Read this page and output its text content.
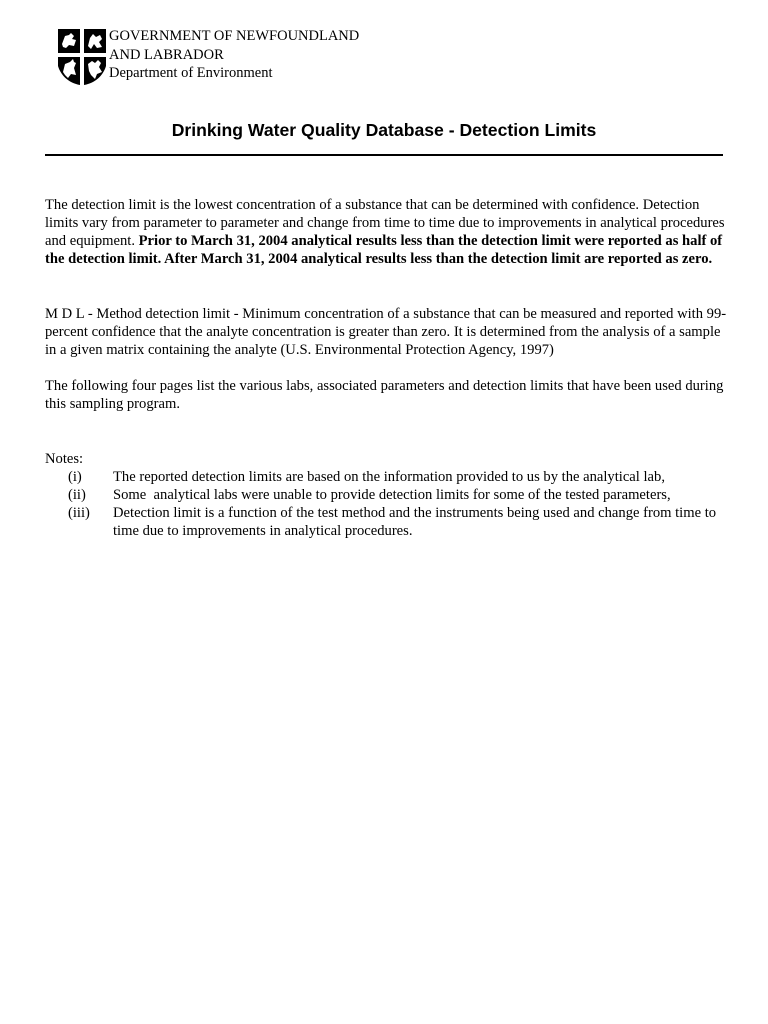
GOVERNMENT OF NEWFOUNDLAND
AND LABRADOR
Department of Environment
Drinking Water Quality Database - Detection Limits

The detection limit is the lowest concentration of a substance that can be determined with confidence. Detection limits vary from parameter to parameter and change from time to time due to improvements in analytical procedures and equipment. Prior to March 31, 2004 analytical results less than the detection limit were reported as half of the detection limit. After March 31, 2004 analytical results less than the detection limit are reported as zero.

M D L - Method detection limit - Minimum concentration of a substance that can be measured and reported with 99-percent confidence that the analyte concentration is greater than zero. It is determined from the analysis of a sample in a given matrix containing the analyte (U.S. Environmental Protection Agency, 1997)

The following four pages list the various labs, associated parameters and detection limits that have been used during this sampling program.

Notes:

(i)	The reported detection limits are based on the information provided to us by the analytical lab,
(ii)	Some  analytical labs were unable to provide detection limits for some of the tested parameters,
(iii)	Detection limit is a function of the test method and the instruments being used and change from time to time due to improvements in analytical procedures.
